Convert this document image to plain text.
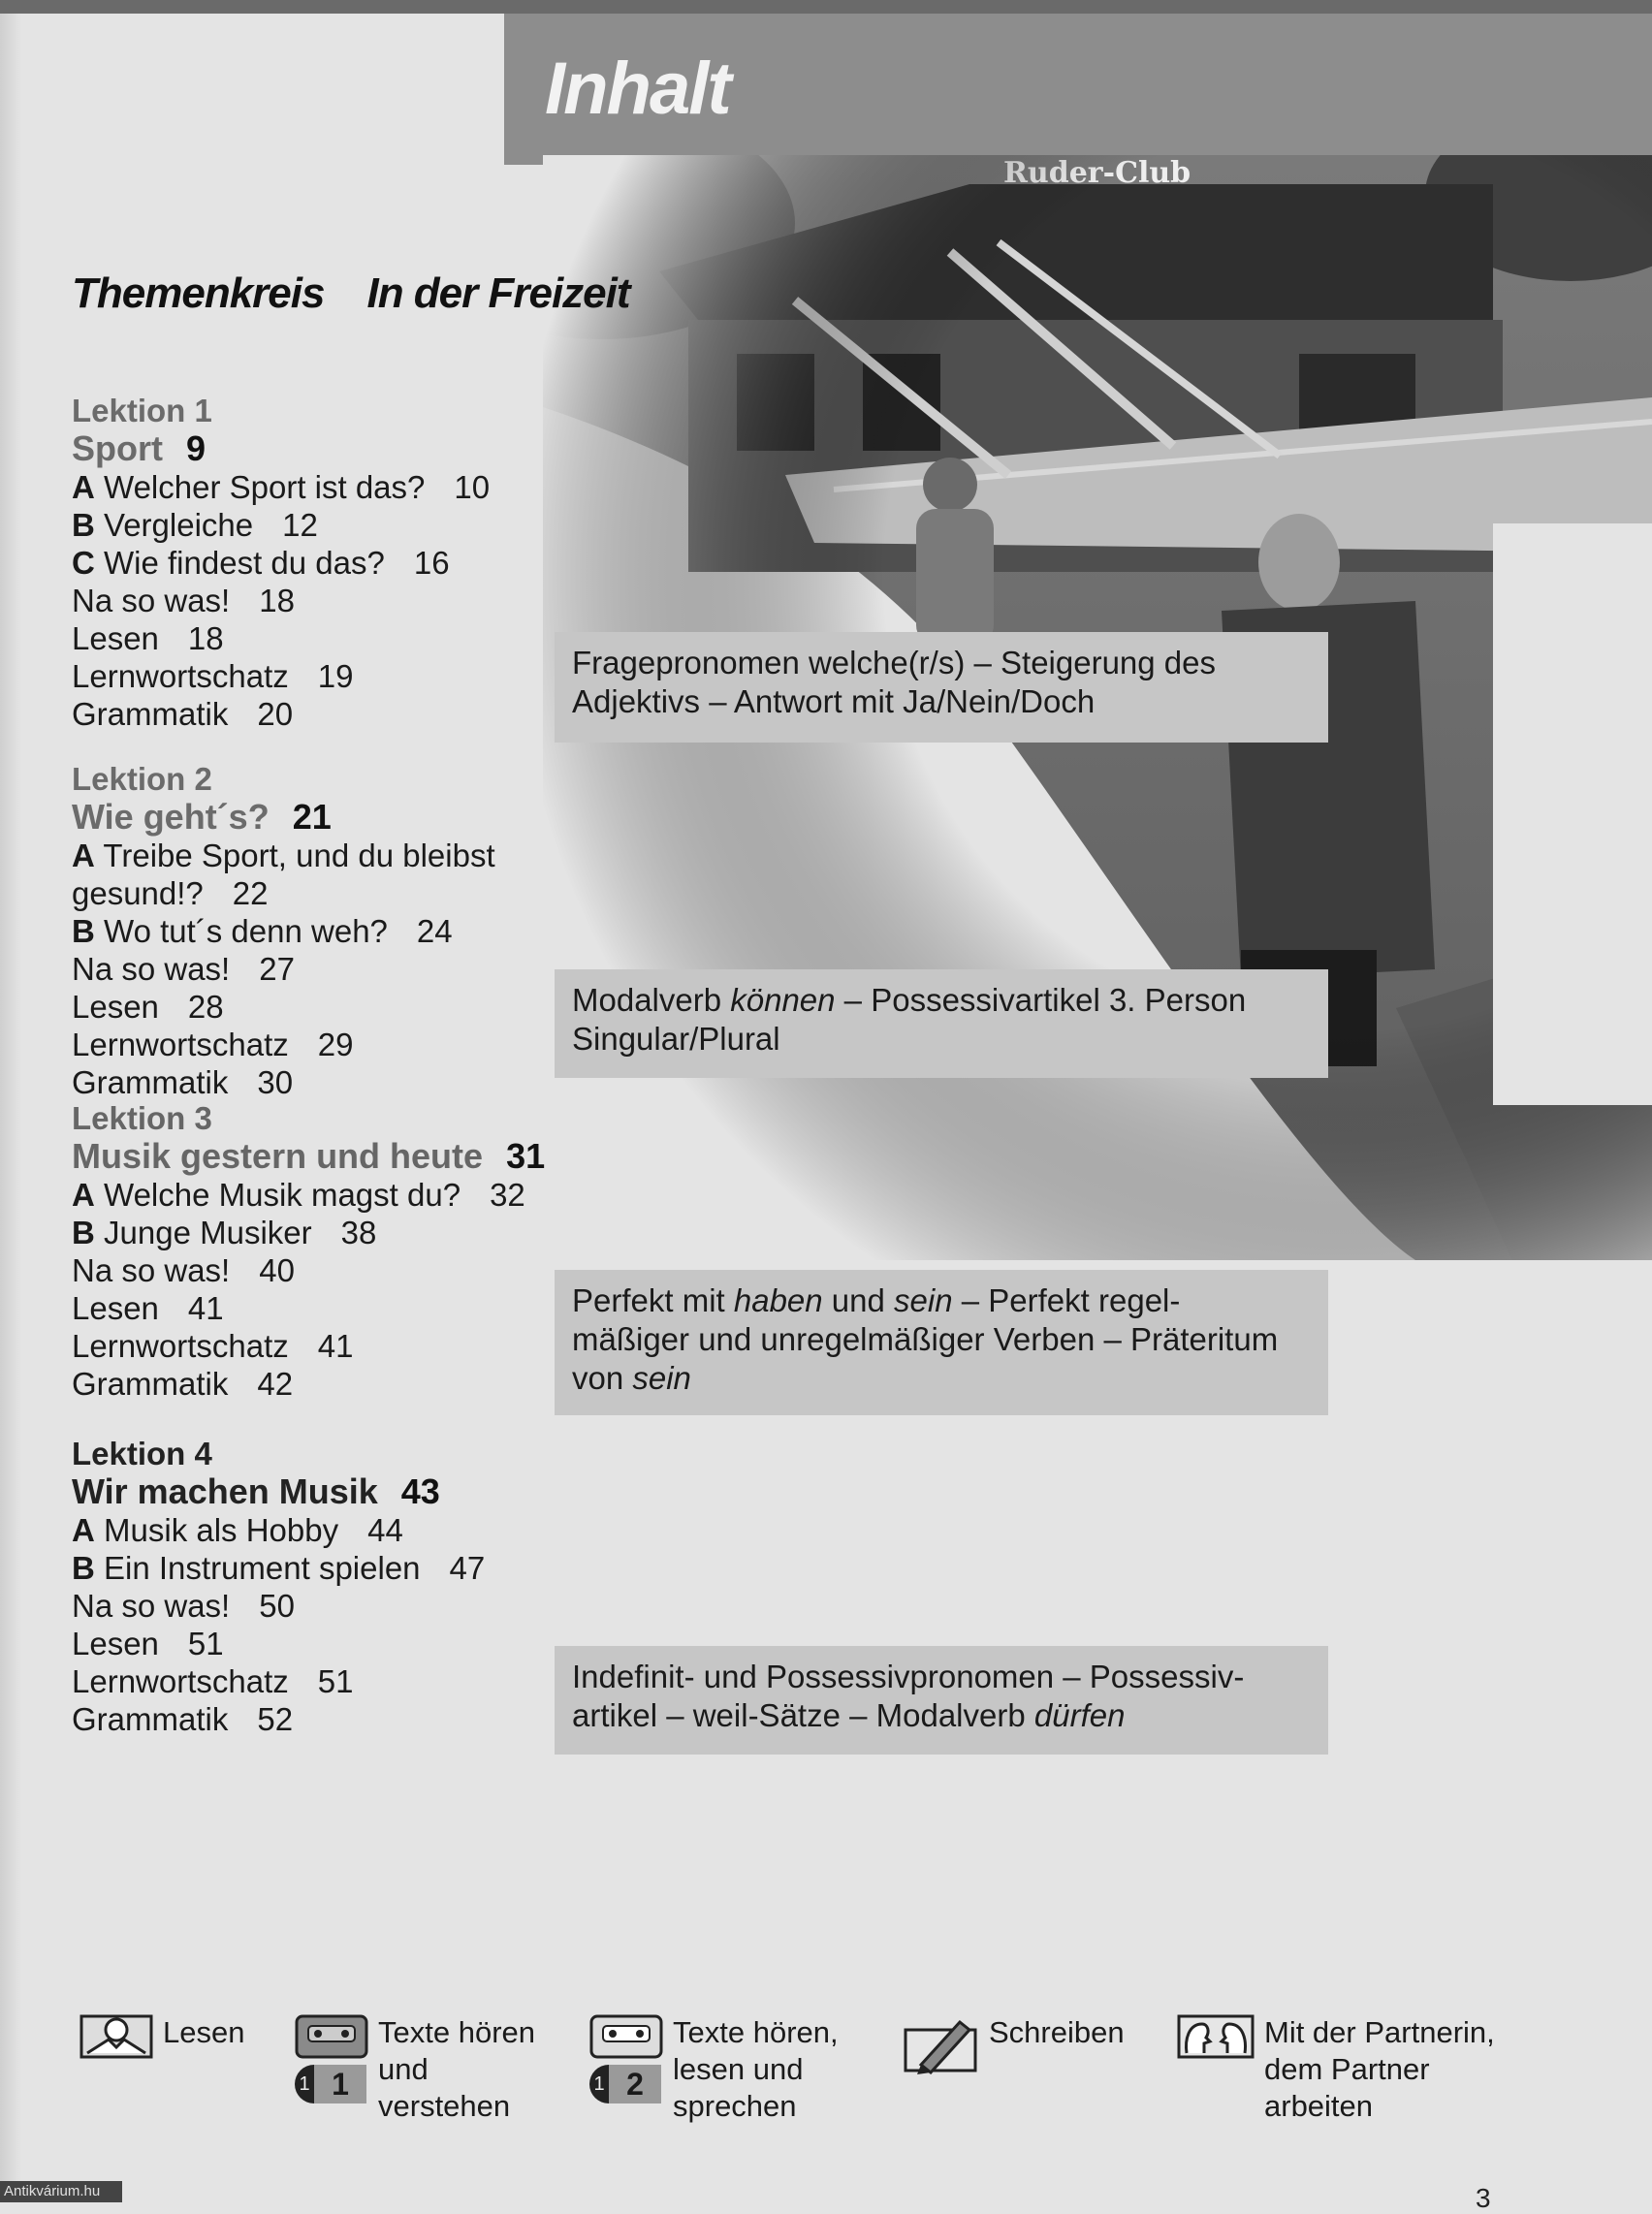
Inhalt
Themenkreis In der Freizeit
Lektion 1
Sport 9
A Welcher Sport ist das? 10
B Vergleiche 12
C Wie findest du das? 16
Na so was! 18
Lesen 18
Lernwortschatz 19
Grammatik 20
Fragepronomen welche(r/s) – Steigerung des
Adjektivs – Antwort mit Ja/Nein/Doch
Lektion 2
Wie geht´s? 21
A Treibe Sport, und du bleibst gesund!? 22
B Wo tut´s denn weh? 24
Na so was! 27
Lesen 28
Lernwortschatz 29
Grammatik 30
Modalverb können – Possessivartikel 3. Person
Singular/Plural
Lektion 3
Musik gestern und heute 31
A Welche Musik magst du? 32
B Junge Musiker 38
Na so was! 40
Lesen 41
Lernwortschatz 41
Grammatik 42
Perfekt mit haben und sein – Perfekt regel-
mäßiger und unregelmäßiger Verben – Präteritum
von sein
Lektion 4
Wir machen Musik 43
A Musik als Hobby 44
B Ein Instrument spielen 47
Na so was! 50
Lesen 51
Lernwortschatz 51
Grammatik 52
Indefinit- und Possessivpronomen – Possessiv-
artikel – weil-Sätze – Modalverb dürfen
Lesen
1 1
Texte hören
und
verstehen
1 2
Texte hören,
lesen und
sprechen
Schreiben	Mit der Partnerin,
dem Partner
arbeiten
Antikvárium.hu	3
